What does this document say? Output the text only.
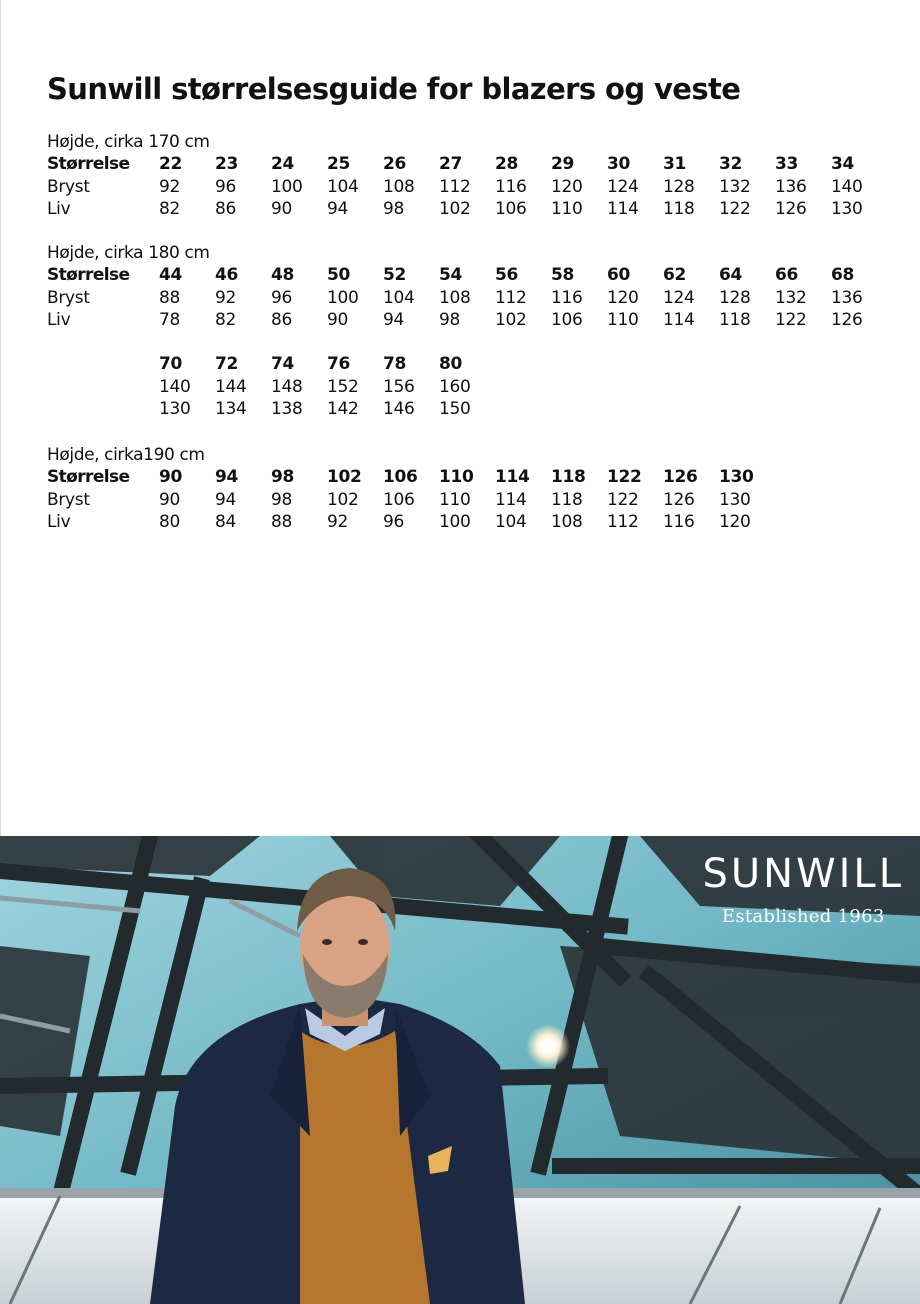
Sunwill størrelsesguide for blazers og veste
Højde, cirka 170 cm
Størrelse	22	23	24	25	26	27	28	29	30	31	32	33	34
Bryst	92	96	100	104	108	112	116	120	124	128	132	136	140
Liv	82	86	90	94	98	102	106	110	114	118	122	126	130
Højde, cirka 180 cm
Størrelse	44	46	48	50	52	54	56	58	60	62	64	66	68
Bryst	88	92	96	100	104	108	112	116	120	124	128	132	136
Liv	78	82	86	90	94	98	102	106	110	114	118	122	126
70	72	74	76	78	80
140	144	148	152	156	160
130	134	138	142	146	150
Højde, cirka190 cm
Størrelse	90	94	98	102	106	110	114	118	122	126	130
Bryst	90	94	98	102	106	110	114	118	122	126	130
Liv	80	84	88	92	96	100	104	108	112	116	120
SUNWILL
Established 1963
